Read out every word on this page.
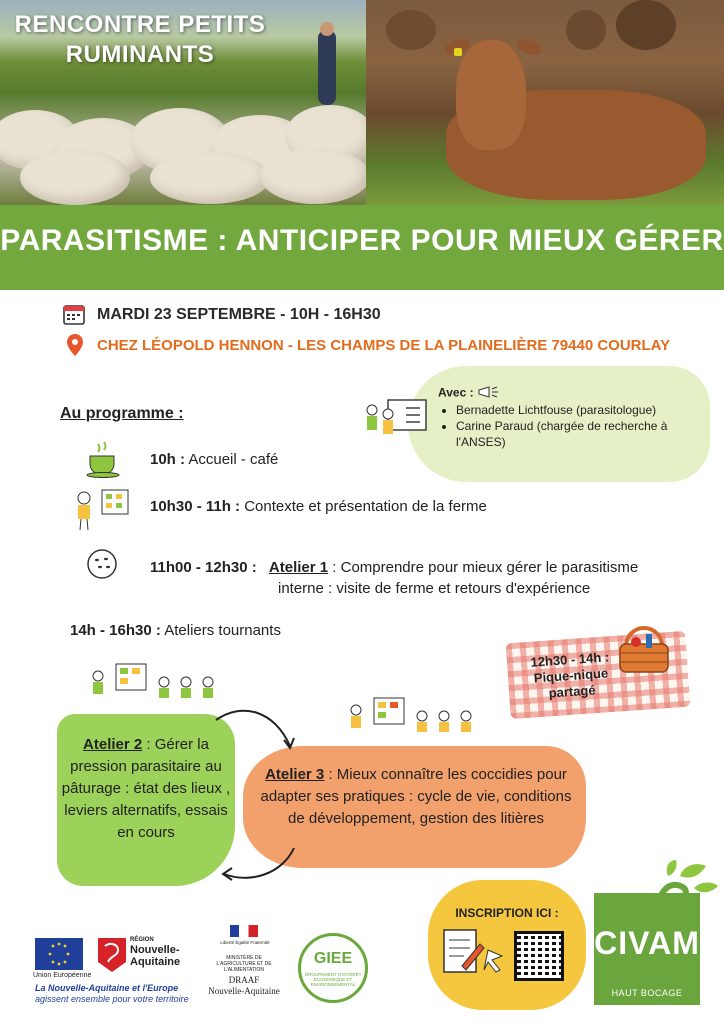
RENCONTRE PETITS
RUMINANTS
PARASITISME : ANTICIPER POUR MIEUX GÉRER
MARDI 23 SEPTEMBRE - 10H - 16H30
CHEZ LÉOPOLD HENNON - LES CHAMPS DE LA PLAINELIÈRE 79440 COURLAY
Avec :
• Bernadette Lichtfouse (parasitologue)
• Carine Paraud (chargée de recherche à l'ANSES)
Au programme :
10h : Accueil - café
10h30 - 11h : Contexte et présentation de la ferme
11h00 - 12h30 : Atelier 1 : Comprendre pour mieux gérer le parasitisme
interne : visite de ferme et retours d'expérience
14h - 16h30 : Ateliers tournants
12h30 - 14h :
Pique-nique
partagé
Atelier 2 : Gérer la pression parasitaire au pâturage : état des lieux , leviers alternatifs, essais en cours
Atelier 3 : Mieux connaître les coccidies pour adapter ses pratiques : cycle de vie, conditions de développement, gestion des litières
INSCRIPTION ICI :
CIVAM
HAUT BOCAGE
Union Européenne
RÉGION
Nouvelle-
Aquitaine
La Nouvelle-Aquitaine et l'Europe
agissent ensemble pour votre territoire
Liberté Égalité Fraternité
MINISTÈRE DE L'AGRICULTURE ET DE L'ALIMENTATION
DRAAF
Nouvelle-Aquitaine
GIEE
GROUPEMENT D'INTÉRÊT ÉCONOMIQUE ET ENVIRONNEMENTAL
